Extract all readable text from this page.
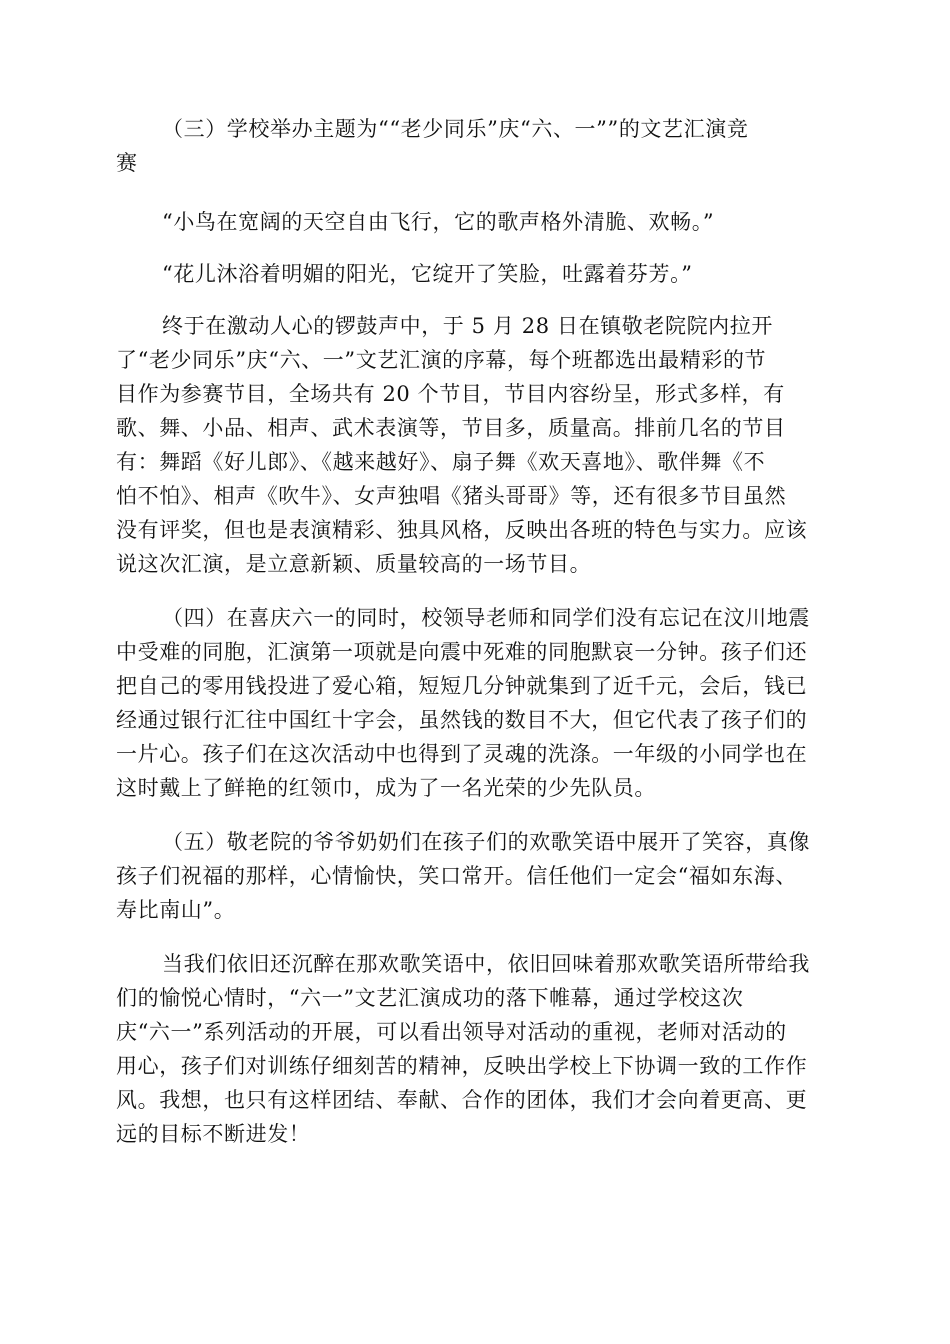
（三）学校举办主题为““老少同乐”庆“六、一””的文艺汇演竞
赛

“小鸟在宽阔的天空自由飞行，它的歌声格外清脆、欢畅。”

“花儿沐浴着明媚的阳光，它绽开了笑脸，吐露着芬芳。”

终于在激动人心的锣鼓声中，于 5 月 28 日在镇敬老院院内拉开
了“老少同乐”庆“六、一”文艺汇演的序幕，每个班都选出最精彩的节
目作为参赛节目，全场共有 20 个节目，节目内容纷呈，形式多样，有
歌、舞、小品、相声、武术表演等，节目多，质量高。排前几名的节目
有：舞蹈《好儿郎》、《越来越好》、扇子舞《欢天喜地》、歌伴舞《不
怕不怕》、相声《吹牛》、女声独唱《猪头哥哥》等，还有很多节目虽然
没有评奖，但也是表演精彩、独具风格，反映出各班的特色与实力。应该
说这次汇演，是立意新颖、质量较高的一场节目。

（四）在喜庆六一的同时，校领导老师和同学们没有忘记在汶川地震
中受难的同胞，汇演第一项就是向震中死难的同胞默哀一分钟。孩子们还
把自己的零用钱投进了爱心箱，短短几分钟就集到了近千元，会后，钱已
经通过银行汇往中国红十字会，虽然钱的数目不大，但它代表了孩子们的
一片心。孩子们在这次活动中也得到了灵魂的洗涤。一年级的小同学也在
这时戴上了鲜艳的红领巾，成为了一名光荣的少先队员。

（五）敬老院的爷爷奶奶们在孩子们的欢歌笑语中展开了笑容，真像
孩子们祝福的那样，心情愉快，笑口常开。信任他们一定会“福如东海、
寿比南山”。

当我们依旧还沉醉在那欢歌笑语中，依旧回味着那欢歌笑语所带给我
们的愉悦心情时，“六一”文艺汇演成功的落下帷幕，通过学校这次
庆“六一”系列活动的开展，可以看出领导对活动的重视，老师对活动的
用心，孩子们对训练仔细刻苦的精神，反映出学校上下协调一致的工作作
风。我想，也只有这样团结、奉献、合作的团体，我们才会向着更高、更
远的目标不断进发！
